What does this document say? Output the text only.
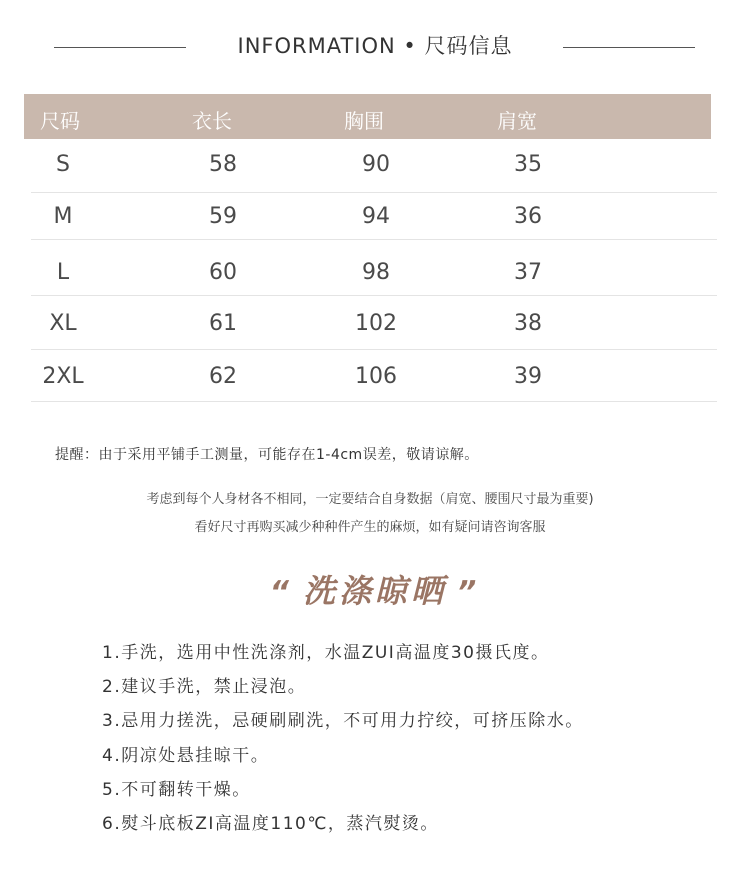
INFORMATION • 尺码信息
尺码	衣长	胸围	肩宽
S	58	90	35
M	59	94	36
L	60	98	37
XL	61	102	38
2XL	62	106	39
提醒：由于采用平铺手工测量，可能存在1-4cm误差，敬请谅解。
考虑到每个人身材各不相同，一定要结合自身数据（肩宽、腰围尺寸最为重要)
看好尺寸再购买减少种种件产生的麻烦，如有疑问请咨询客服
“ 洗涤晾晒 ”
1.手洗，选用中性洗涤剂，水温ZUI高温度30摄氏度。
2.建议手洗，禁止浸泡。
3.忌用力搓洗，忌硬刷刷洗，不可用力拧绞，可挤压除水。
4.阴凉处悬挂晾干。
5.不可翻转干燥。
6.熨斗底板ZI高温度110℃，蒸汽熨烫。
